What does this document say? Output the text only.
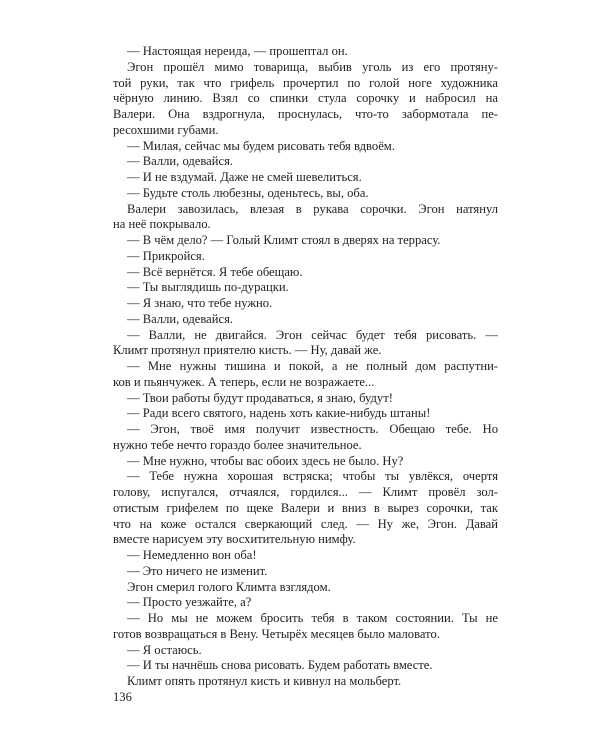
— Настоящая нереида, — прошептал он.
Эгон прошёл мимо товарища, выбив уголь из его протяну-
той руки, так что грифель прочертил по голой ноге художника
чёрную линию. Взял со спинки стула сорочку и набросил на
Валери. Она вздрогнула, проснулась, что-то забормотала пе-
ресохшими губами.
— Милая, сейчас мы будем рисовать тебя вдвоём.
— Валли, одевайся.
— И не вздумай. Даже не смей шевелиться.
— Будьте столь любезны, оденьтесь, вы, оба.
Валери завозилась, влезая в рукава сорочки. Эгон натянул
на неё покрывало.
— В чём дело? — Голый Климт стоял в дверях на террасу.
— Прикройся.
— Всё вернётся. Я тебе обещаю.
— Ты выглядишь по-дурацки.
— Я знаю, что тебе нужно.
— Валли, одевайся.
— Валли, не двигайся. Эгон сейчас будет тебя рисовать. —
Климт протянул приятелю кисть. — Ну, давай же.
— Мне нужны тишина и покой, а не полный дом распутни-
ков и пьянчужек. А теперь, если не возражаете...
— Твои работы будут продаваться, я знаю, будут!
— Ради всего святого, надень хоть какие-нибудь штаны!
— Эгон, твоё имя получит известность. Обещаю тебе. Но
нужно тебе нечто гораздо более значительное.
— Мне нужно, чтобы вас обоих здесь не было. Ну?
— Тебе нужна хорошая встряска; чтобы ты увлёкся, очертя
голову, испугался, отчаялся, гордился... — Климт провёл зол-
отистым грифелем по щеке Валери и вниз в вырез сорочки, так
что на коже остался сверкающий след. — Ну же, Эгон. Давай
вместе нарисуем эту восхитительную нимфу.
— Немедленно вон оба!
— Это ничего не изменит.
Эгон смерил голого Климта взглядом.
— Просто уезжайте, а?
— Но мы не можем бросить тебя в таком состоянии. Ты не
готов возвращаться в Вену. Четырёх месяцев было маловато.
— Я остаюсь.
— И ты начнёшь снова рисовать. Будем работать вместе.
Климт опять протянул кисть и кивнул на мольберт.
136
